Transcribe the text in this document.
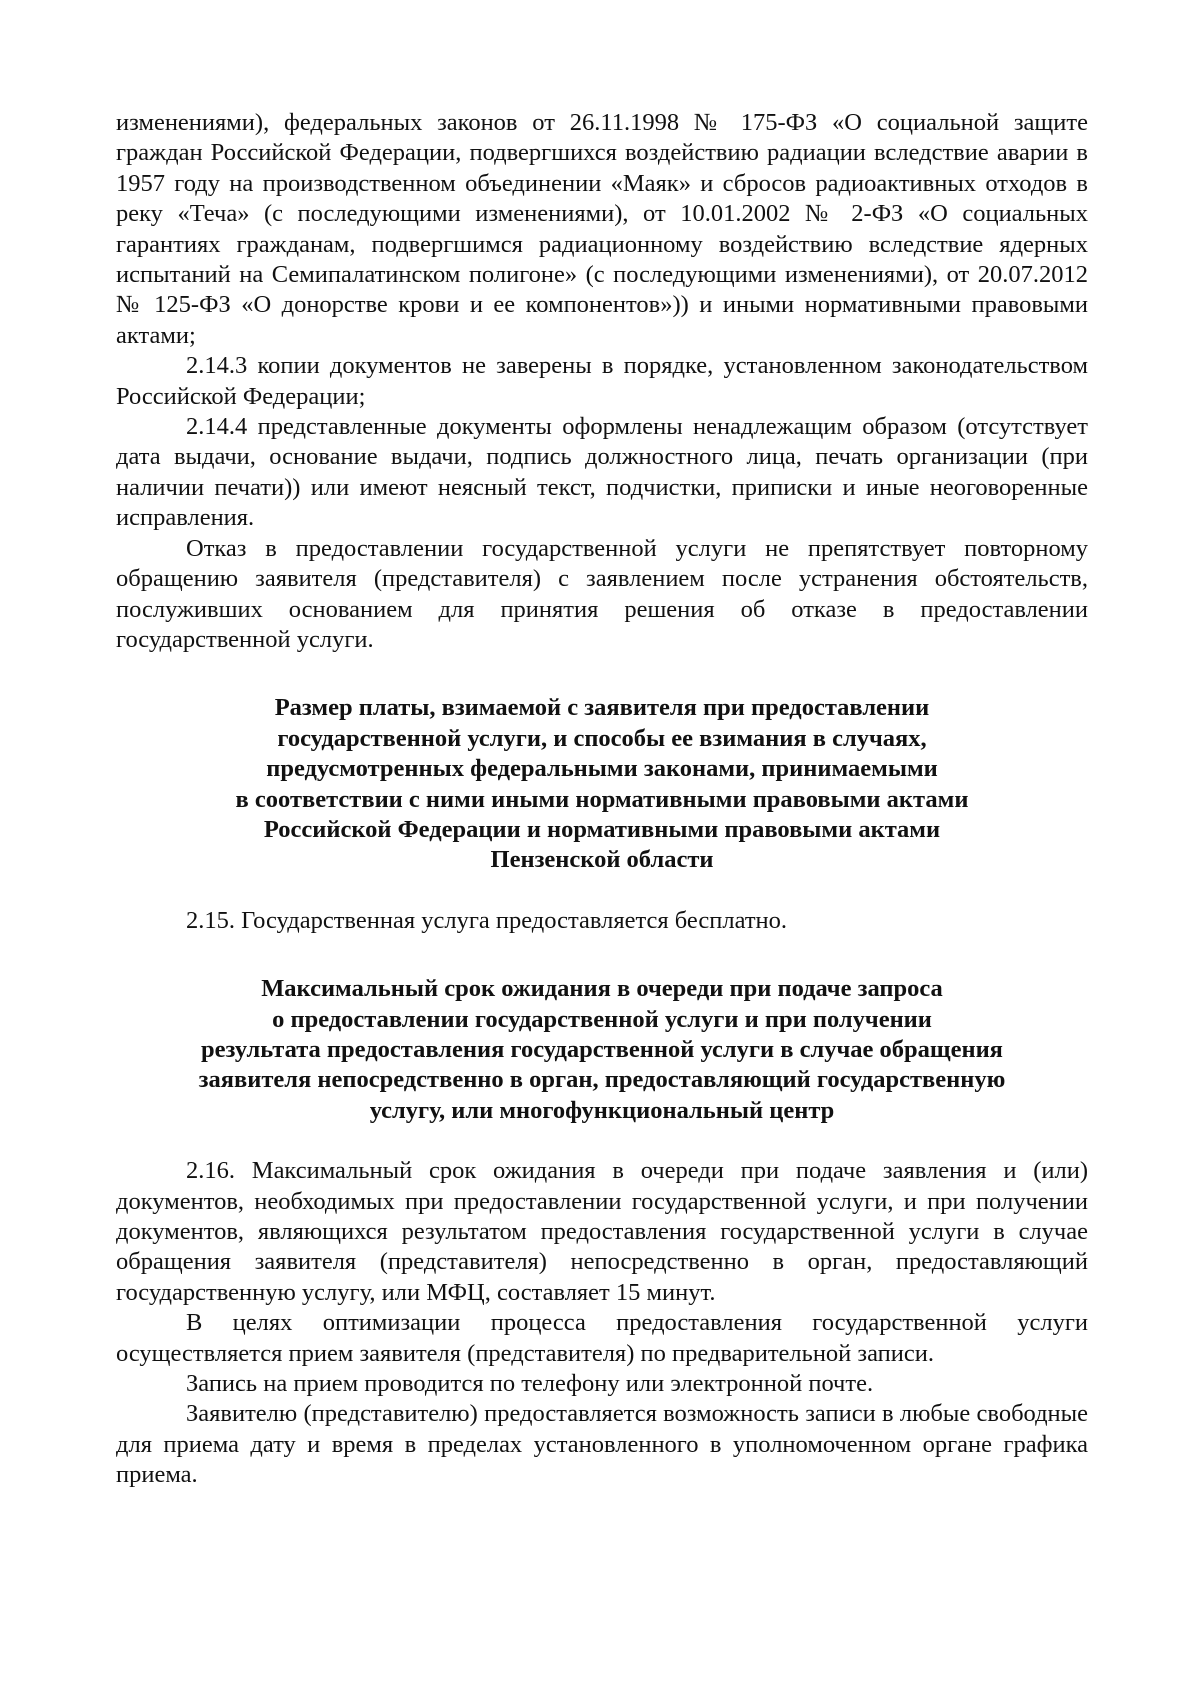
изменениями), федеральных законов от 26.11.1998 № 175-ФЗ «О социальной защите граждан Российской Федерации, подвергшихся воздействию радиации вследствие аварии в 1957 году на производственном объединении «Маяк» и сбросов радиоактивных отходов в реку «Теча» (с последующими изменениями), от 10.01.2002 № 2-ФЗ «О социальных гарантиях гражданам, подвергшимся радиационному воздействию вследствие ядерных испытаний на Семипалатинском полигоне» (с последующими изменениями), от 20.07.2012 № 125-ФЗ «О донорстве крови и ее компонентов»)) и иными нормативными правовыми актами;

2.14.3 копии документов не заверены в порядке, установленном законодательством Российской Федерации;

2.14.4 представленные документы оформлены ненадлежащим образом (отсутствует дата выдачи, основание выдачи, подпись должностного лица, печать организации (при наличии печати)) или имеют неясный текст, подчистки, приписки и иные неоговоренные исправления.

Отказ в предоставлении государственной услуги не препятствует повторному обращению заявителя (представителя) с заявлением после устранения обстоятельств, послуживших основанием для принятия решения об отказе в предоставлении государственной услуги.

Размер платы, взимаемой с заявителя при предоставлении

государственной услуги, и способы ее взимания в случаях,

предусмотренных федеральными законами, принимаемыми

в соответствии с ними иными нормативными правовыми актами

Российской Федерации и нормативными правовыми актами

Пензенской области

2.15. Государственная услуга предоставляется бесплатно.

Максимальный срок ожидания в очереди при подаче запроса

о предоставлении государственной услуги и при получении

результата предоставления государственной услуги в случае обращения

заявителя непосредственно в орган, предоставляющий государственную

услугу, или многофункциональный центр

2.16. Максимальный срок ожидания в очереди при подаче заявления и (или) документов, необходимых при предоставлении государственной услуги, и при получении документов, являющихся результатом предоставления государственной услуги в случае обращения заявителя (представителя) непосредственно в орган, предоставляющий государственную услугу, или МФЦ, составляет 15 минут.

В целях оптимизации процесса предоставления государственной услуги осуществляется прием заявителя (представителя) по предварительной записи.

Запись на прием проводится по телефону или электронной почте.

Заявителю (представителю) предоставляется возможность записи в любые свободные для приема дату и время в пределах установленного в уполномоченном органе графика приема.
